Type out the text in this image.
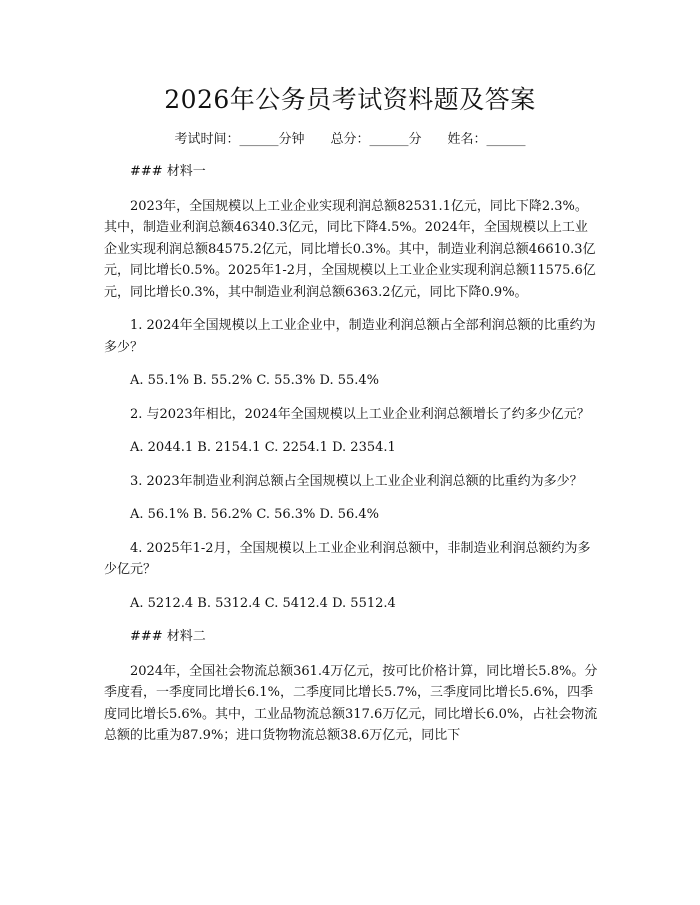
2026年公务员考试资料题及答案
考试时间：______分钟 总分：______分 姓名：______

### 材料一

2023年，全国规模以上工业企业实现利润总额82531.1亿元，同比下降2.3%。其中，制造业利润总额46340.3亿元，同比下降4.5%。2024年，全国规模以上工业企业实现利润总额84575.2亿元，同比增长0.3%。其中，制造业利润总额46610.3亿元，同比增长0.5%。2025年1-2月，全国规模以上工业企业实现利润总额11575.6亿元，同比增长0.3%，其中制造业利润总额6363.2亿元，同比下降0.9%。

1. 2024年全国规模以上工业企业中，制造业利润总额占全部利润总额的比重约为多少？

A. 55.1% B. 55.2% C. 55.3% D. 55.4%

2. 与2023年相比，2024年全国规模以上工业企业利润总额增长了约多少亿元？

A. 2044.1 B. 2154.1 C. 2254.1 D. 2354.1

3. 2023年制造业利润总额占全国规模以上工业企业利润总额的比重约为多少？

A. 56.1% B. 56.2% C. 56.3% D. 56.4%

4. 2025年1-2月，全国规模以上工业企业利润总额中，非制造业利润总额约为多少亿元？

A. 5212.4 B. 5312.4 C. 5412.4 D. 5512.4

### 材料二

2024年，全国社会物流总额361.4万亿元，按可比价格计算，同比增长5.8%。分季度看，一季度同比增长6.1%，二季度同比增长5.7%，三季度同比增长5.6%，四季度同比增长5.6%。其中，工业品物流总额317.6万亿元，同比增长6.0%，占社会物流总额的比重为87.9%；进口货物物流总额38.6万亿元，同比下
